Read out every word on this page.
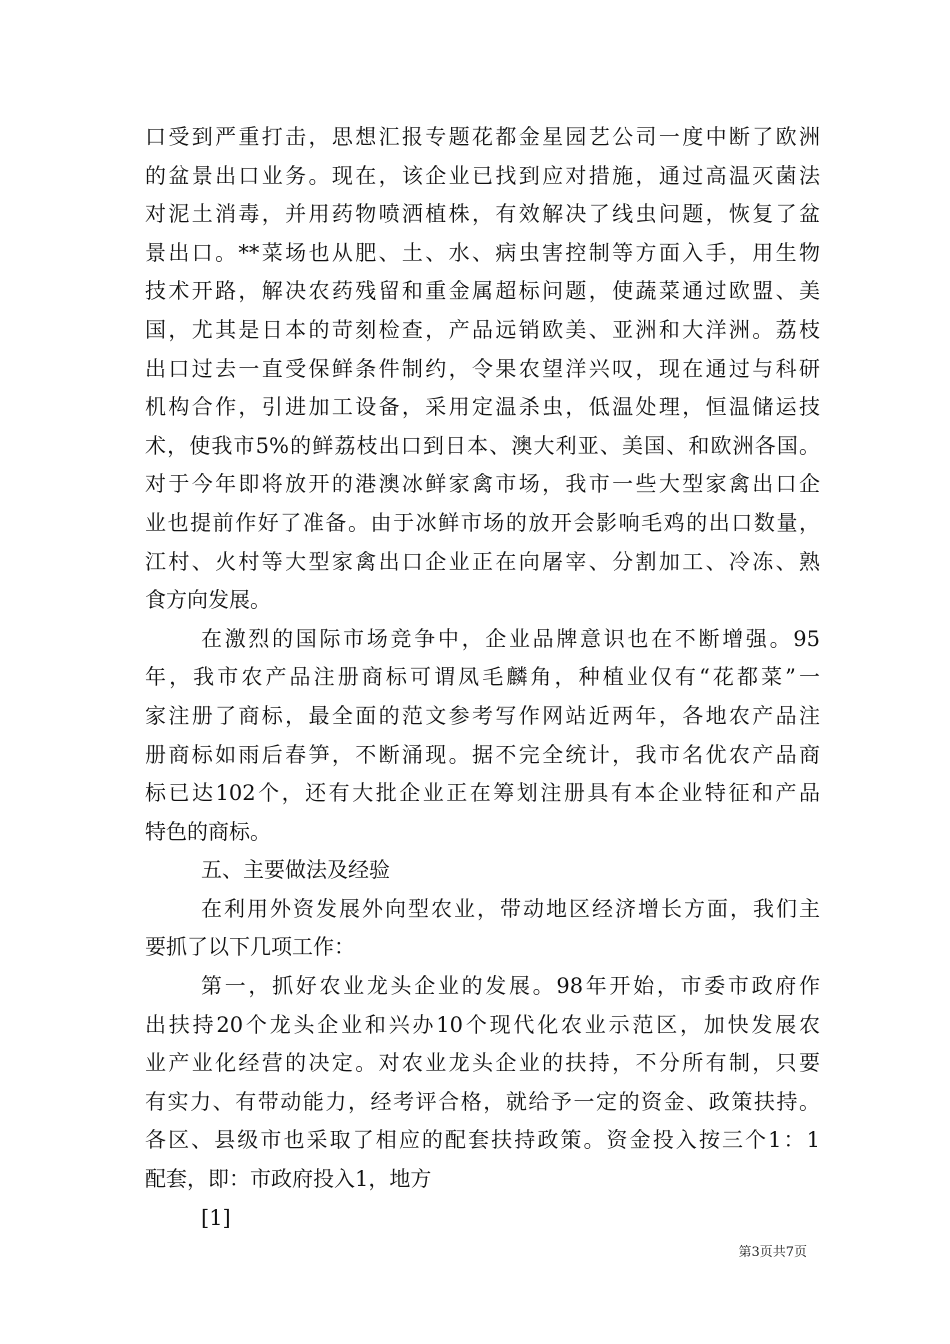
口受到严重打击，思想汇报专题花都金星园艺公司一度中断了欧洲
的盆景出口业务。现在，该企业已找到应对措施，通过高温灭菌法
对泥土消毒，并用药物喷洒植株，有效解决了线虫问题，恢复了盆
景出口。**菜场也从肥、土、水、病虫害控制等方面入手，用生物
技术开路，解决农药残留和重金属超标问题，使蔬菜通过欧盟、美
国，尤其是日本的苛刻检查，产品远销欧美、亚洲和大洋洲。荔枝
出口过去一直受保鲜条件制约，令果农望洋兴叹，现在通过与科研
机构合作，引进加工设备，采用定温杀虫，低温处理，恒温储运技
术，使我市5%的鲜荔枝出口到日本、澳大利亚、美国、和欧洲各国。
对于今年即将放开的港澳冰鲜家禽市场，我市一些大型家禽出口企
业也提前作好了准备。由于冰鲜市场的放开会影响毛鸡的出口数量，
江村、火村等大型家禽出口企业正在向屠宰、分割加工、冷冻、熟
食方向发展。
在激烈的国际市场竞争中，企业品牌意识也在不断增强。95
年，我市农产品注册商标可谓凤毛麟角，种植业仅有“花都菜”一
家注册了商标，最全面的范文参考写作网站近两年，各地农产品注
册商标如雨后春笋，不断涌现。据不完全统计，我市名优农产品商
标已达102个，还有大批企业正在筹划注册具有本企业特征和产品
特色的商标。
五、主要做法及经验
在利用外资发展外向型农业，带动地区经济增长方面，我们主
要抓了以下几项工作：
第一，抓好农业龙头企业的发展。98年开始，市委市政府作
出扶持20个龙头企业和兴办10个现代化农业示范区，加快发展农
业产业化经营的决定。对农业龙头企业的扶持，不分所有制，只要
有实力、有带动能力，经考评合格，就给予一定的资金、政策扶持。
各区、县级市也采取了相应的配套扶持政策。资金投入按三个1：1
配套，即：市政府投入1，地方
[1]
第3页共7页
